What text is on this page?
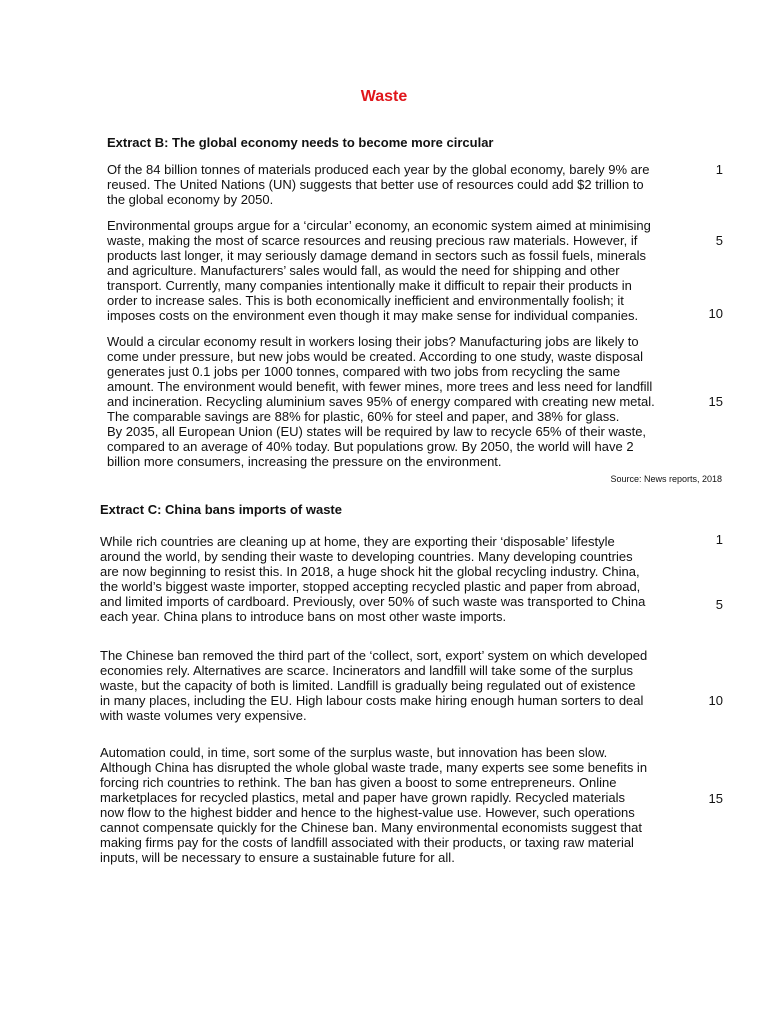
Waste
Extract B: The global economy needs to become more circular
Of the 84 billion tonnes of materials produced each year by the global economy, barely 9% are
reused. The United Nations (UN) suggests that better use of resources could add $2 trillion to
the global economy by 2050.
Environmental groups argue for a ‘circular’ economy, an economic system aimed at minimising
waste, making the most of scarce resources and reusing precious raw materials. However, if
products last longer, it may seriously damage demand in sectors such as fossil fuels, minerals
and agriculture. Manufacturers’ sales would fall, as would the need for shipping and other
transport. Currently, many companies intentionally make it difficult to repair their products in
order to increase sales. This is both economically inefficient and environmentally foolish; it
imposes costs on the environment even though it may make sense for individual companies.
Would a circular economy result in workers losing their jobs? Manufacturing jobs are likely to
come under pressure, but new jobs would be created. According to one study, waste disposal
generates just 0.1 jobs per 1000 tonnes, compared with two jobs from recycling the same
amount. The environment would benefit, with fewer mines, more trees and less need for landfill
and incineration. Recycling aluminium saves 95% of energy compared with creating new metal.
The comparable savings are 88% for plastic, 60% for steel and paper, and 38% for glass.
By 2035, all European Union (EU) states will be required by law to recycle 65% of their waste,
compared to an average of 40% today. But populations grow. By 2050, the world will have 2
billion more consumers, increasing the pressure on the environment.
1
5
10
15
Source: News reports, 2018
Extract C: China bans imports of waste
While rich countries are cleaning up at home, they are exporting their ‘disposable’ lifestyle
around the world, by sending their waste to developing countries. Many developing countries
are now beginning to resist this. In 2018, a huge shock hit the global recycling industry. China,
the world’s biggest waste importer, stopped accepting recycled plastic and paper from abroad,
and limited imports of cardboard. Previously, over 50% of such waste was transported to China
each year. China plans to introduce bans on most other waste imports.
The Chinese ban removed the third part of the ‘collect, sort, export’ system on which developed
economies rely. Alternatives are scarce. Incinerators and landfill will take some of the surplus
waste, but the capacity of both is limited. Landfill is gradually being regulated out of existence
in many places, including the EU. High labour costs make hiring enough human sorters to deal
with waste volumes very expensive.
Automation could, in time, sort some of the surplus waste, but innovation has been slow.
Although China has disrupted the whole global waste trade, many experts see some benefits in
forcing rich countries to rethink. The ban has given a boost to some entrepreneurs. Online
marketplaces for recycled plastics, metal and paper have grown rapidly. Recycled materials
now flow to the highest bidder and hence to the highest-value use. However, such operations
cannot compensate quickly for the Chinese ban. Many environmental economists suggest that
making firms pay for the costs of landfill associated with their products, or taxing raw material
inputs, will be necessary to ensure a sustainable future for all.
1
5
10
15
